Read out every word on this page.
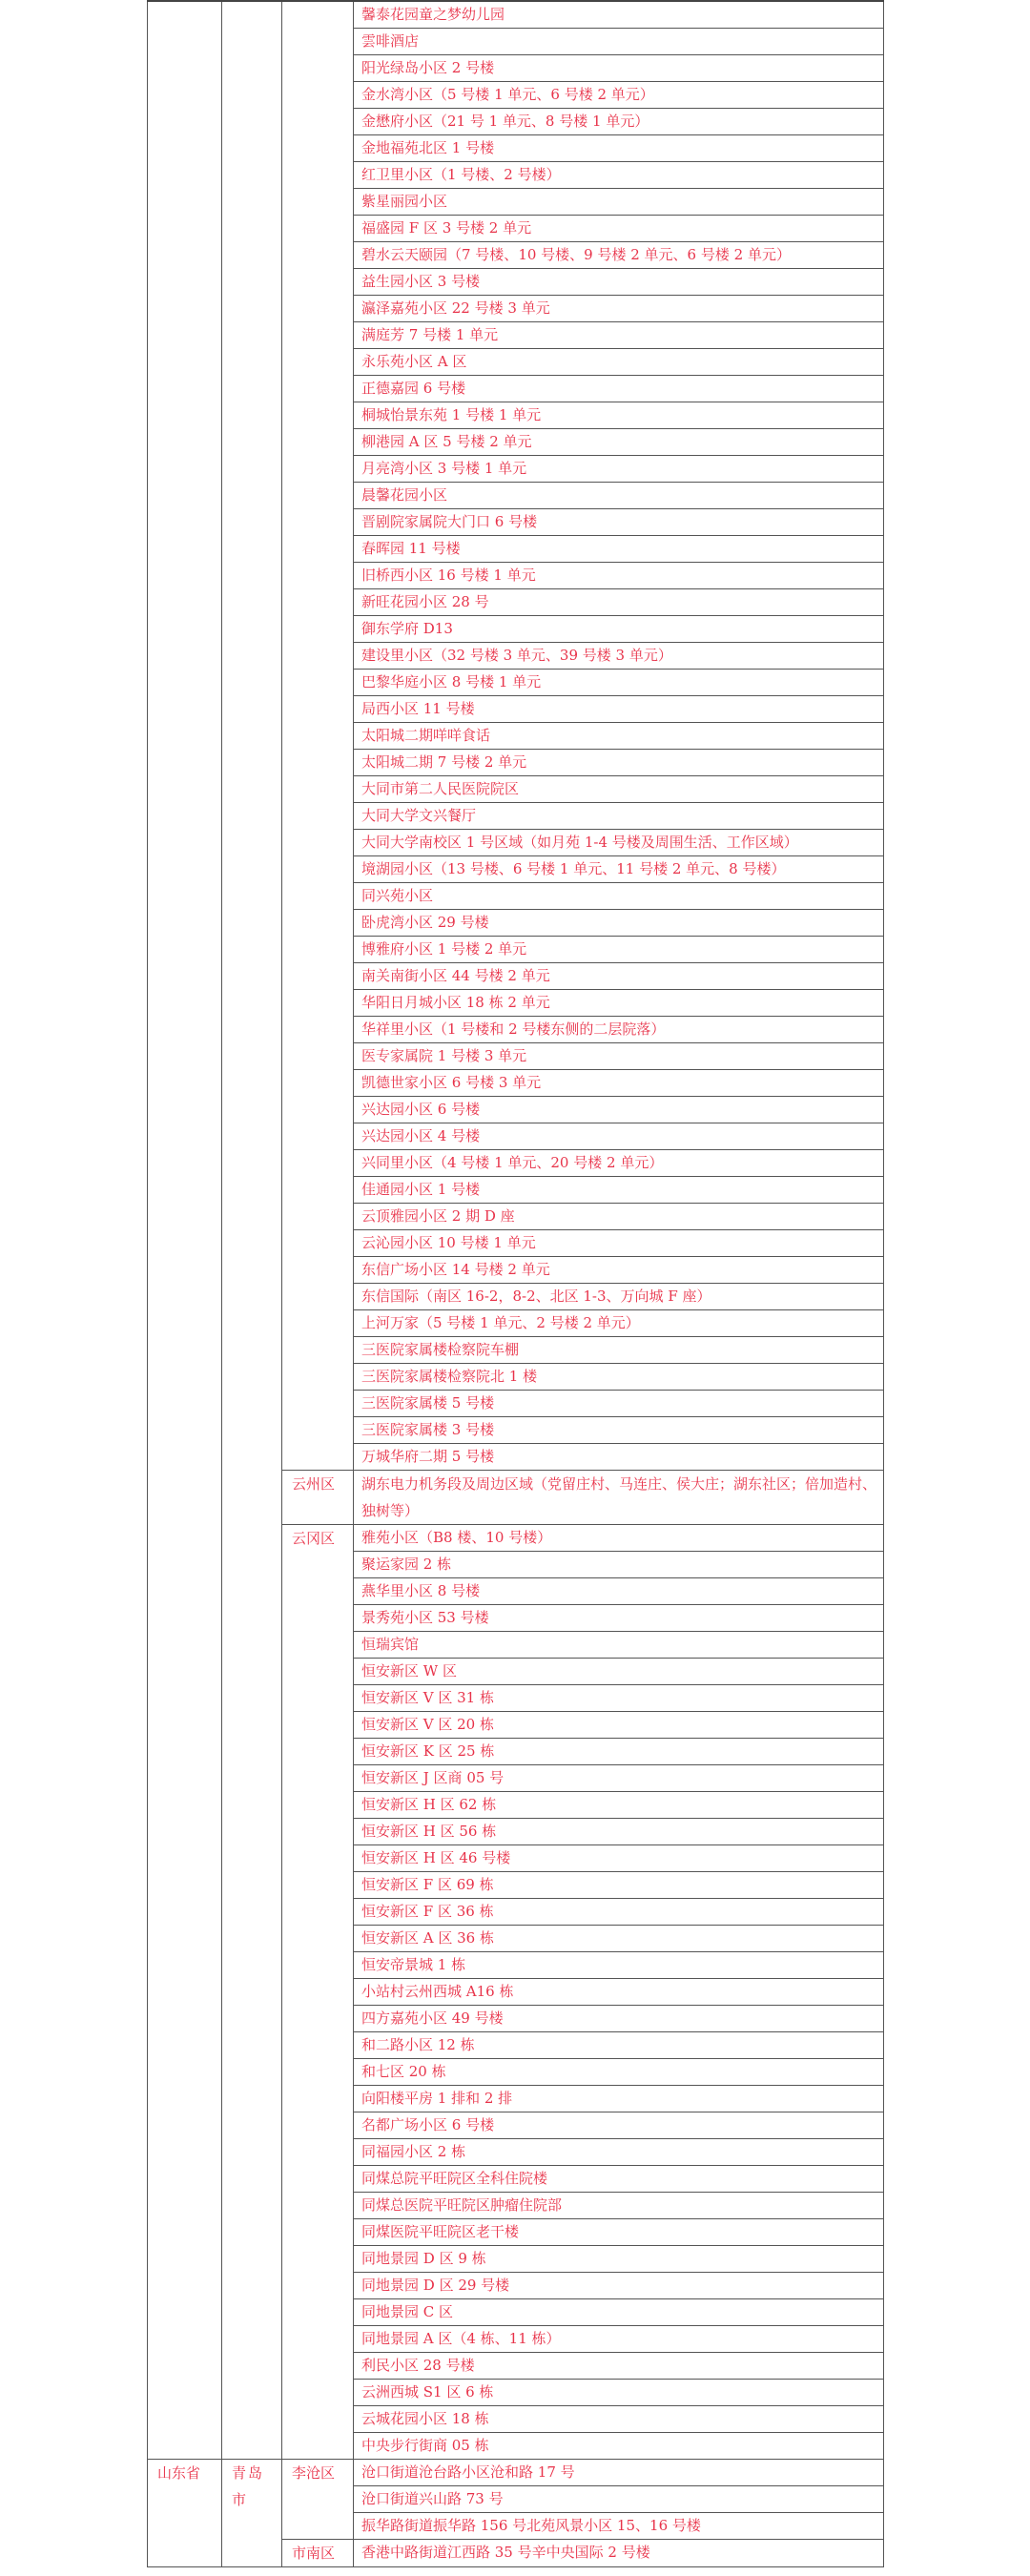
			馨泰花园童之梦幼儿园
			雲啡酒店
			阳光绿岛小区 2 号楼
			金水湾小区（5 号楼 1 单元、6 号楼 2 单元）
			金懋府小区（21 号 1 单元、8 号楼 1 单元）
			金地福苑北区 1 号楼
			红卫里小区（1 号楼、2 号楼）
			紫星丽园小区
			福盛园 F 区 3 号楼 2 单元
			碧水云天颐园（7 号楼、10 号楼、9 号楼 2 单元、6 号楼 2 单元）
			益生园小区 3 号楼
			瀛泽嘉苑小区 22 号楼 3 单元
			满庭芳 7 号楼 1 单元
			永乐苑小区 A 区
			正德嘉园 6 号楼
			桐城怡景东苑 1 号楼 1 单元
			柳港园 A 区 5 号楼 2 单元
			月亮湾小区 3 号楼 1 单元
			晨馨花园小区
			晋剧院家属院大门口 6 号楼
			春晖园 11 号楼
			旧桥西小区 16 号楼 1 单元
			新旺花园小区 28 号
			御东学府 D13
			建设里小区（32 号楼 3 单元、39 号楼 3 单元）
			巴黎华庭小区 8 号楼 1 单元
			局西小区 11 号楼
			太阳城二期咩咩食话
			太阳城二期 7 号楼 2 单元
			大同市第二人民医院院区
			大同大学文兴餐厅
			大同大学南校区 1 号区域（如月苑 1-4 号楼及周围生活、工作区域）
			境湖园小区（13 号楼、6 号楼 1 单元、11 号楼 2 单元、8 号楼）
			同兴苑小区
			卧虎湾小区 29 号楼
			博雅府小区 1 号楼 2 单元
			南关南街小区 44 号楼 2 单元
			华阳日月城小区 18 栋 2 单元
			华祥里小区（1 号楼和 2 号楼东侧的二层院落）
			医专家属院 1 号楼 3 单元
			凯德世家小区 6 号楼 3 单元
			兴达园小区 6 号楼
			兴达园小区 4 号楼
			兴同里小区（4 号楼 1 单元、20 号楼 2 单元）
			佳通园小区 1 号楼
			云顶雅园小区 2 期 D 座
			云沁园小区 10 号楼 1 单元
			东信广场小区 14 号楼 2 单元
			东信国际（南区 16-2，8-2、北区 1-3、万向城 F 座）
			上河万家（5 号楼 1 单元、2 号楼 2 单元）
			三医院家属楼检察院车棚
			三医院家属楼检察院北 1 楼
			三医院家属楼 5 号楼
			三医院家属楼 3 号楼
			万城华府二期 5 号楼
		云州区	湖东电力机务段及周边区域（党留庄村、马连庄、侯大庄；湖东社区；倍加造村、独树等）
		云冈区	雅苑小区（B8 楼、10 号楼）
			聚运家园 2 栋
			燕华里小区 8 号楼
			景秀苑小区 53 号楼
			恒瑞宾馆
			恒安新区 W 区
			恒安新区 V 区 31 栋
			恒安新区 V 区 20 栋
			恒安新区 K 区 25 栋
			恒安新区 J 区商 05 号
			恒安新区 H 区 62 栋
			恒安新区 H 区 56 栋
			恒安新区 H 区 46 号楼
			恒安新区 F 区 69 栋
			恒安新区 F 区 36 栋
			恒安新区 A 区 36 栋
			恒安帝景城 1 栋
			小站村云州西城 A16 栋
			四方嘉苑小区 49 号楼
			和二路小区 12 栋
			和七区 20 栋
			向阳楼平房 1 排和 2 排
			名都广场小区 6 号楼
			同福园小区 2 栋
			同煤总院平旺院区全科住院楼
			同煤总医院平旺院区肿瘤住院部
			同煤医院平旺院区老干楼
			同地景园 D 区 9 栋
			同地景园 D 区 29 号楼
			同地景园 C 区
			同地景园 A 区（4 栋、11 栋）
			利民小区 28 号楼
			云洲西城 S1 区 6 栋
			云城花园小区 18 栋
			中央步行街商 05 栋
山东省	青岛市	李沧区	沧口街道沧台路小区沧和路 17 号
			沧口街道兴山路 73 号
			振华路街道振华路 156 号北苑风景小区 15、16 号楼
		市南区	香港中路街道江西路 35 号辛中央国际 2 号楼
